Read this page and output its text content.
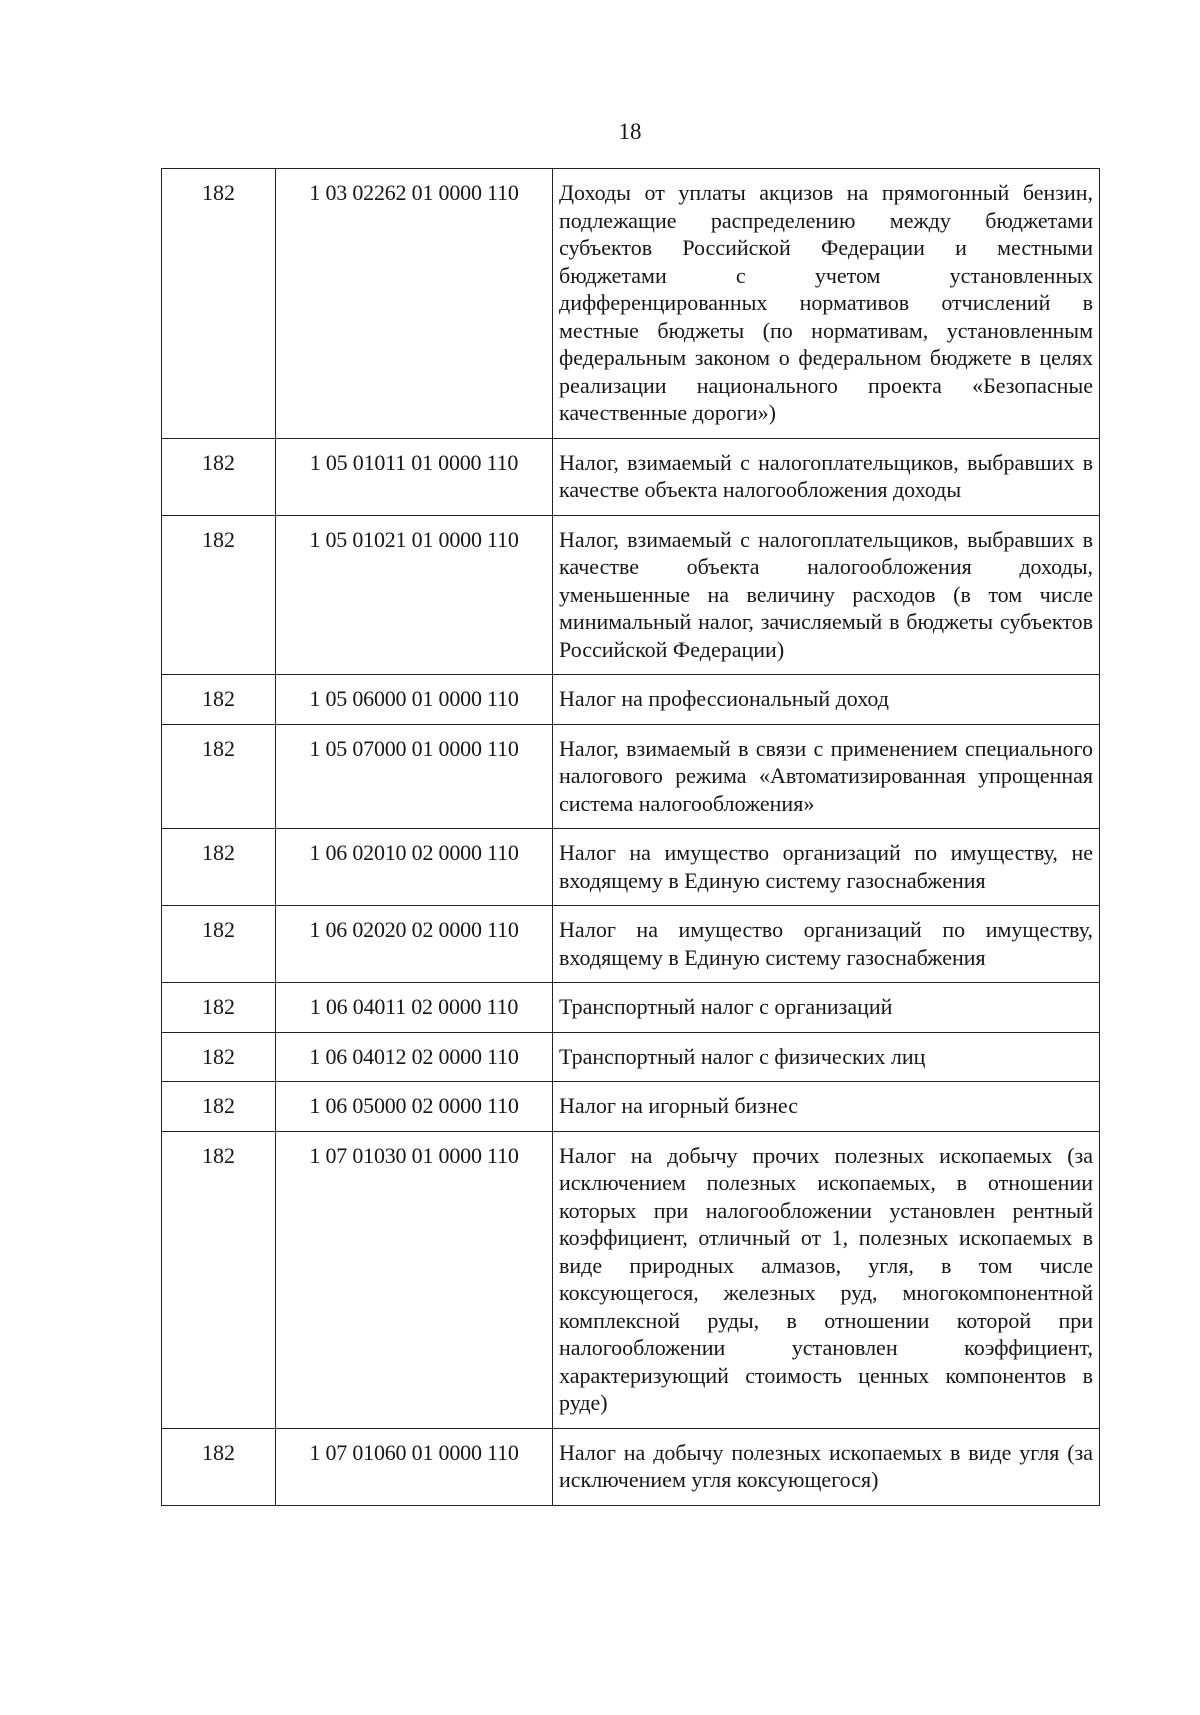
18
182	1 03 02262 01 0000 110	Доходы от уплаты акцизов на прямогонный бензин, подлежащие распределению между бюджетами субъектов Российской Федерации и местными бюджетами с учетом установленных дифференцированных нормативов отчислений в местные бюджеты (по нормативам, установленным федеральным законом о федеральном бюджете в целях реализации национального проекта «Безопасные качественные дороги»)
182	1 05 01011 01 0000 110	Налог, взимаемый с налогоплательщиков, выбравших в качестве объекта налогообложения доходы
182	1 05 01021 01 0000 110	Налог, взимаемый с налогоплательщиков, выбравших в качестве объекта налогообложения доходы, уменьшенные на величину расходов (в том числе минимальный налог, зачисляемый в бюджеты субъектов Российской Федерации)
182	1 05 06000 01 0000 110	Налог на профессиональный доход
182	1 05 07000 01 0000 110	Налог, взимаемый в связи с применением специального налогового режима «Автоматизированная упрощенная система налогообложения»
182	1 06 02010 02 0000 110	Налог на имущество организаций по имуществу, не входящему в Единую систему газоснабжения
182	1 06 02020 02 0000 110	Налог на имущество организаций по имуществу, входящему в Единую систему газоснабжения
182	1 06 04011 02 0000 110	Транспортный налог с организаций
182	1 06 04012 02 0000 110	Транспортный налог с физических лиц
182	1 06 05000 02 0000 110	Налог на игорный бизнес
182	1 07 01030 01 0000 110	Налог на добычу прочих полезных ископаемых (за исключением полезных ископаемых, в отношении которых при налогообложении установлен рентный коэффициент, отличный от 1, полезных ископаемых в виде природных алмазов, угля, в том числе коксующегося, железных руд, многокомпонентной комплексной руды, в отношении которой при налогообложении установлен коэффициент, характеризующий стоимость ценных компонентов в руде)
182	1 07 01060 01 0000 110	Налог на добычу полезных ископаемых в виде угля (за исключением угля коксующегося)
